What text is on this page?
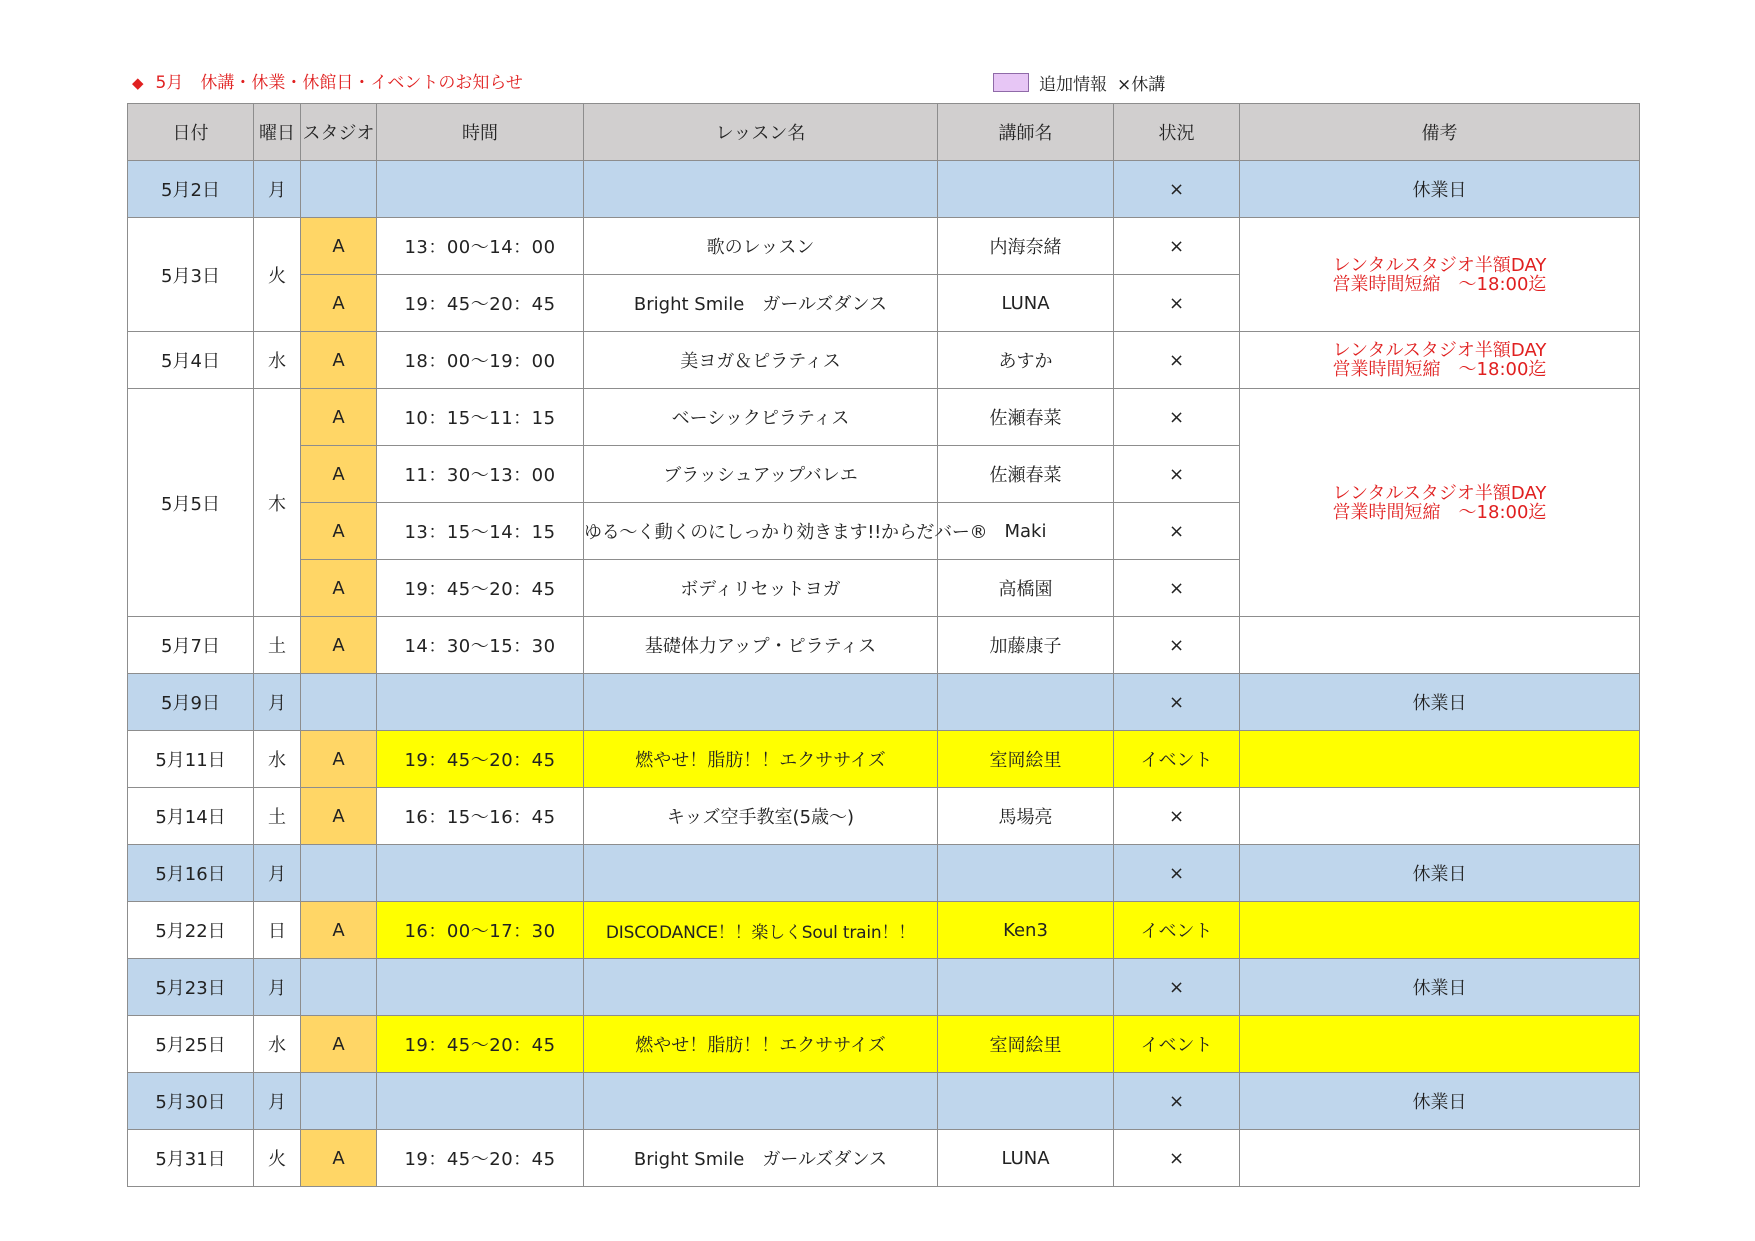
◆ 5月　休講・休業・休館日・イベントのお知らせ	追加情報 ×休講
日付	曜日	スタジオ	時間	レッスン名	講師名	状況	備考
5月2日	月					×	休業日
5月3日	火	A	13：00～14：00	歌のレッスン	内海奈緒	×	レンタルスタジオ半額DAY
営業時間短縮　～18:00迄

		A	19：45～20：45	Bright Smile　ガールズダンス	LUNA	×	
5月4日	水	A	18：00～19：00	美ヨガ＆ピラティス	あすか	×	レンタルスタジオ半額DAY
営業時間短縮　～18:00迄

5月5日	木	A	10：15～11：15	ベーシックピラティス	佐瀬春菜	×	レンタルスタジオ半額DAY
営業時間短縮　～18:00迄

		A	11：30～13：00	ブラッシュアップバレエ	佐瀬春菜	×	
		A	13：15～14：15	ゆる～く動くのにしっかり効きます!!からだバー®	Maki	×	
		A	19：45～20：45	ボディリセットヨガ	高橋園	×	
5月7日	土	A	14：30～15：30	基礎体力アップ・ピラティス	加藤康子	×	
5月9日	月					×	休業日
5月11日	水	A	19：45～20：45	燃やせ！脂肪！！エクササイズ	室岡絵里	イベント	
5月14日	土	A	16：15～16：45	キッズ空手教室(5歳～)	馬場亮	×	
5月16日	月					×	休業日
5月22日	日	A	16：00～17：30	DISCODANCE！！楽しくSoul train！！	Ken3	イベント	
5月23日	月					×	休業日
5月25日	水	A	19：45～20：45	燃やせ！脂肪！！エクササイズ	室岡絵里	イベント	
5月30日	月					×	休業日
5月31日	火	A	19：45～20：45	Bright Smile　ガールズダンス	LUNA	×	
